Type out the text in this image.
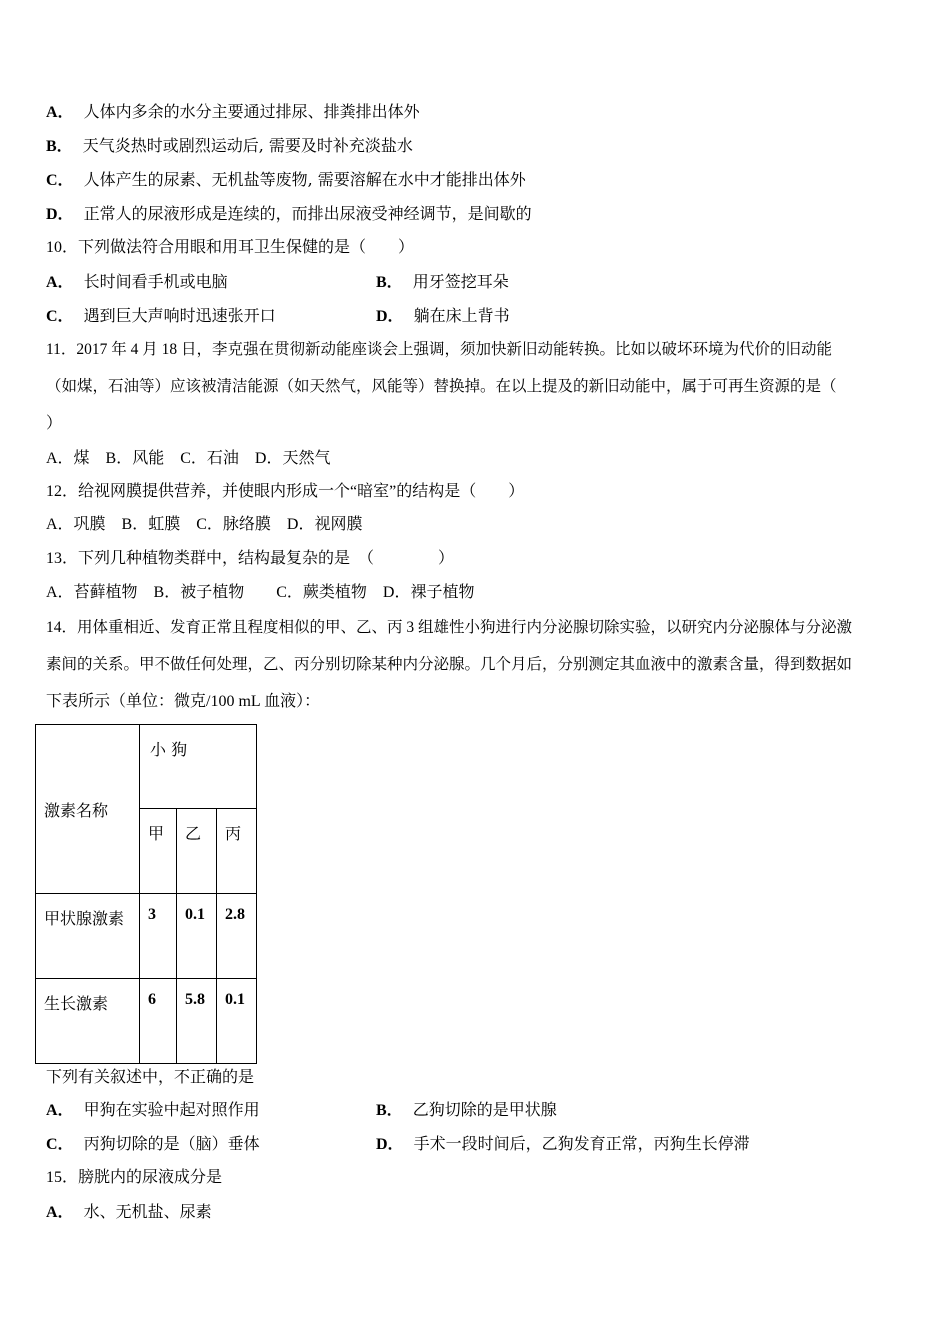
A． 人体内多余的水分主要通过排尿、排粪排出体外
B． 天气炎热时或剧烈运动后, 需要及时补充淡盐水
C． 人体产生的尿素、无机盐等废物, 需要溶解在水中才能排出体外
D． 正常人的尿液形成是连续的，而排出尿液受神经调节，是间歇的
10．下列做法符合用眼和用耳卫生保健的是（　　）
A． 长时间看手机或电脑	B． 用牙签挖耳朵
C． 遇到巨大声响时迅速张开口	D． 躺在床上背书
11．2017 年 4 月 18 日，李克强在贯彻新动能座谈会上强调，须加快新旧动能转换。比如以破坏环境为代价的旧动能
（如煤，石油等）应该被清洁能源（如天然气，风能等）替换掉。在以上提及的新旧动能中，属于可再生资源的是（
）
A．煤　B．风能　C．石油　D．天然气
12．给视网膜提供营养，并使眼内形成一个“暗室”的结构是（　　）
A．巩膜　B．虹膜　C．脉络膜　D．视网膜
13．下列几种植物类群中，结构最复杂的是　（　　　　）
A．苔藓植物　B．被子植物　　C．蕨类植物　D．裸子植物
14．用体重相近、发育正常且程度相似的甲、乙、丙 3 组雄性小狗进行内分泌腺切除实验，以研究内分泌腺体与分泌激
素间的关系。甲不做任何处理，乙、丙分别切除某种内分泌腺。几个月后，分别测定其血液中的激素含量，得到数据如
下表所示（单位：微克/100 mL 血液）：
激素名称	小 狗		
	甲	乙	丙
甲状腺激素	3	0.1	2.8
生长激素	6	5.8	0.1
下列有关叙述中，不正确的是
A． 甲狗在实验中起对照作用	B． 乙狗切除的是甲状腺
C． 丙狗切除的是（脑）垂体	D． 手术一段时间后，乙狗发育正常，丙狗生长停滞
15．膀胱内的尿液成分是
A． 水、无机盐、尿素
